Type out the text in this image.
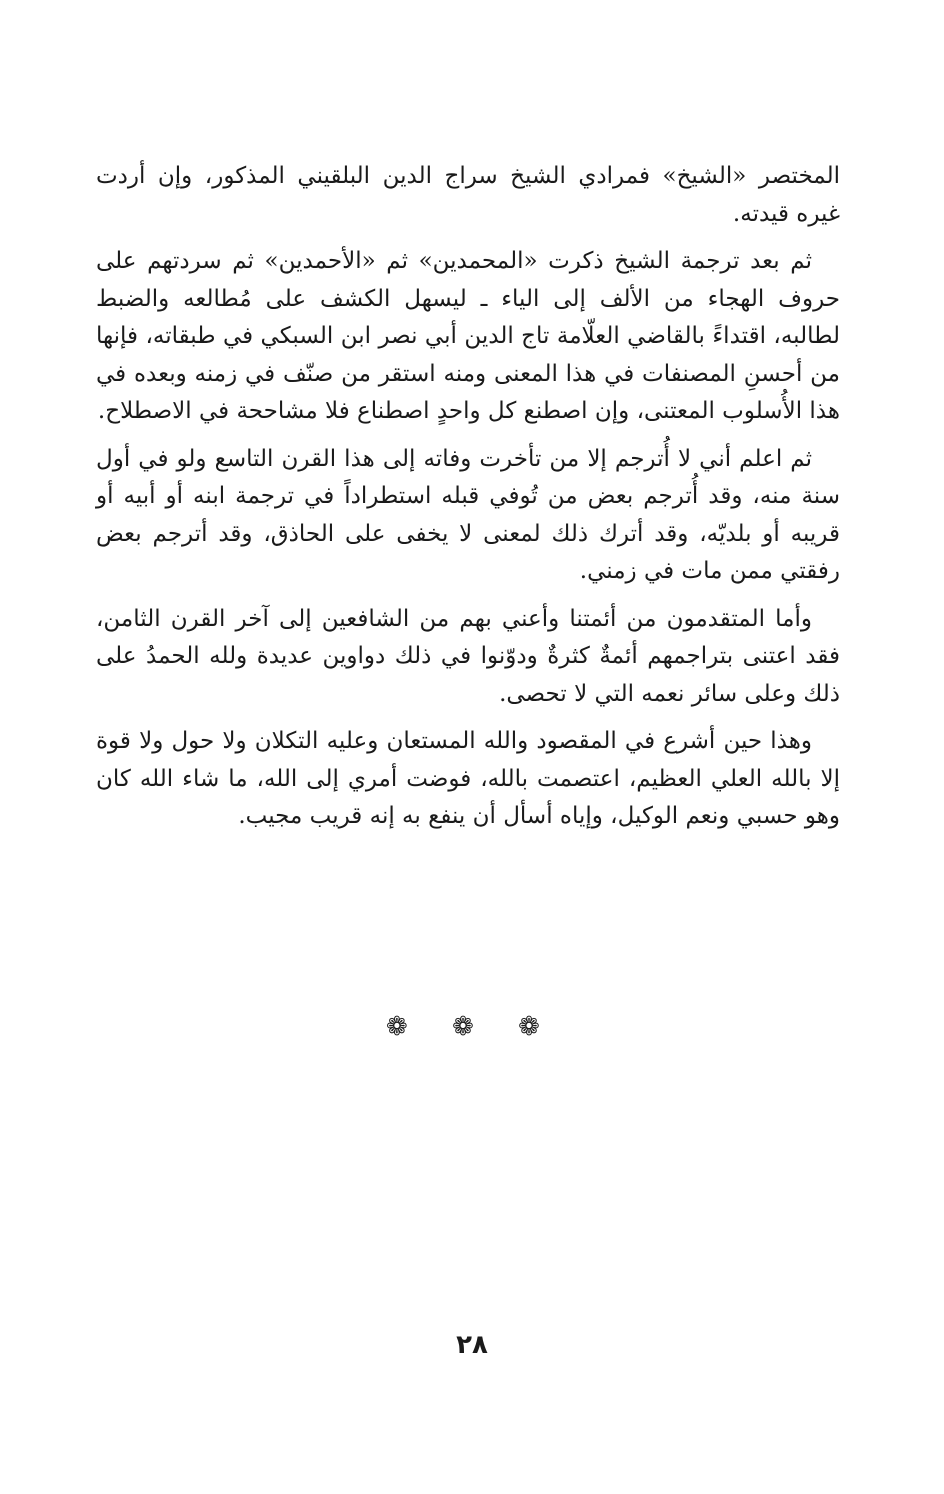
المختصر «الشيخ» فمرادي الشيخ سراج الدين البلقيني المذكور، وإن أردت غيره قيدته.

ثم بعد ترجمة الشيخ ذكرت «المحمدين» ثم «الأحمدين» ثم سردتهم على حروف الهجاء من الألف إلى الياء ـ ليسهل الكشف على مُطالعه والضبط لطالبه، اقتداءً بالقاضي العلّامة تاج الدين أبي نصر ابن السبكي في طبقاته، فإنها من أحسنِ المصنفات في هذا المعنى ومنه استقر من صنّف في زمنه وبعده في هذا الأُسلوب المعتنى، وإن اصطنع كل واحدٍ اصطناع فلا مشاححة في الاصطلاح.

ثم اعلم أني لا أُترجم إلا من تأخرت وفاته إلى هذا القرن التاسع ولو في أول سنة منه، وقد أُترجم بعض من تُوفي قبله استطراداً في ترجمة ابنه أو أبيه أو قريبه أو بلديّه، وقد أترك ذلك لمعنى لا يخفى على الحاذق، وقد أترجم بعض رفقتي ممن مات في زمني.

وأما المتقدمون من أئمتنا وأعني بهم من الشافعين إلى آخر القرن الثامن، فقد اعتنى بتراجمهم أئمةٌ كثرةٌ ودوّنوا في ذلك دواوين عديدة ولله الحمدُ على ذلك وعلى سائر نعمه التي لا تحصى.

وهذا حين أشرع في المقصود والله المستعان وعليه التكلان ولا حول ولا قوة إلا بالله العلي العظيم، اعتصمت بالله، فوضت أمري إلى الله، ما شاء الله كان وهو حسبي ونعم الوكيل، وإياه أسأل أن ينفع به إنه قريب مجيب.

❁ ❁ ❁
٢٨
